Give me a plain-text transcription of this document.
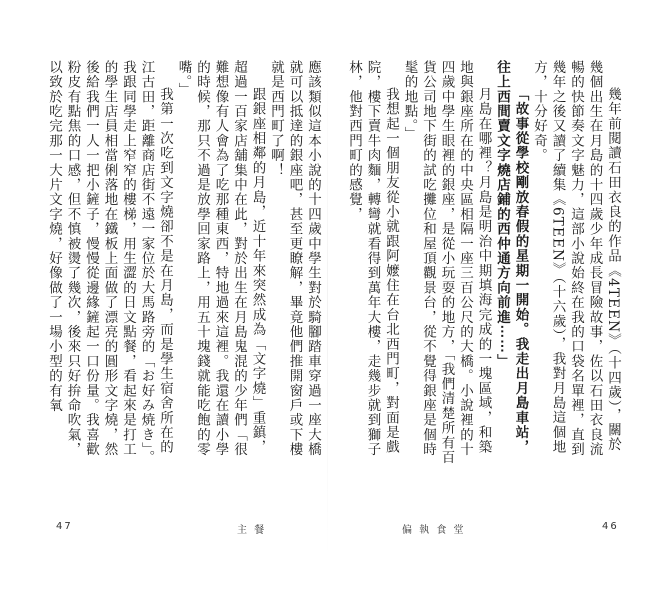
幾年前閱讀石田衣良的作品《4TEEN》（十四歲），關於幾個出生在月島的十四歲少年成長冒險故事，佐以石田衣良流暢的快節奏文字魅力，這部小說始終在我的口袋名單裡，直到幾年之後又讀了續集《6TEEN》（十六歲），我對月島這個地方，十分好奇。

「故事從學校剛放春假的星期一開始。我走出月島車站，往上西間賣文字燒店鋪的西仲通方向前進⋯⋯」

月島在哪裡？月島是明治中期填海完成的一塊區域，和築地與銀座所在的中央區相隔一座三百公尺的大橋。小說裡的十四歲中學生眼裡的銀座，是從小玩耍的地方，「我們清楚所有百貨公司地下街的試吃攤位和屋頂觀景台，從不覺得銀座是個時髦的地點。」

我想起一個朋友從小就跟阿嬤住在台北西門町，對面是戲院，樓下賣牛肉麵，轉彎就看得到萬年大樓，走幾步就到獅子林，他對西門町的感覺，

應該類似這本小說的十四歲中學生對於騎腳踏車穿過一座大橋就可以抵達的銀座吧，甚至更瞭解，畢竟他們推開窗戶或下樓就是西門町了啊！

跟銀座相鄰的月島，近十年來突然成為「文字燒」重鎮，超過一百家店舖集中在此，對於出生在月島鬼混的少年們「很難想像有人會為了吃那種東西，特地過來這裡。我還在讀小學的時候，那只不過是放學回家路上，用五十塊錢就能吃飽的零嘴。」

我第一次吃到文字燒卻不是在月島，而是學生宿舍所在的江古田，距離商店街不遠一家位於大馬路旁的「お好み焼き」。我跟同學走上窄窄的樓梯，用生澀的日文點餐，看起來是打工的學生店員相當俐落地在鐵板上面做了漂亮的圓形文字燒，然後給我們一人一把小鏟子，慢慢從邊緣鏟起一口份量。我喜歡粉皮有點焦的口感，但不慎被燙了幾次，後來只好拚命吹氣，以致於吃完那一大片文字燒，好像做了一場小型的有氧

47	主 餐	偏 執 食 堂	46
